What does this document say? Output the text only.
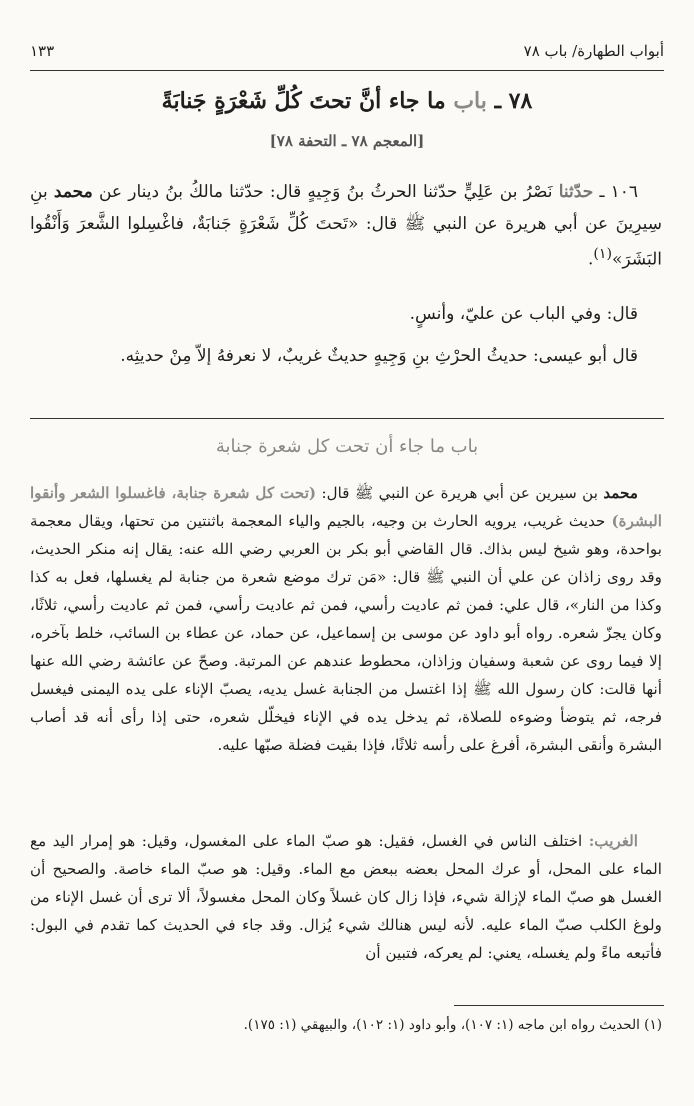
أبواب الطهارة/ باب ٧٨
١٣٣
٧٨ ـ باب ما جاء أنَّ تحتَ كُلِّ شَعْرَةٍ جَنابَةً
[المعجم ٧٨ ـ التحفة ٧٨]
١٠٦ ـ حدّثنا نَصْرُ بن عَلِيٍّ حدّثنا الحرثُ بنُ وَجِيهٍ قال: حدّثنا مالكُ بنُ دينار عن محمد بنِ سِيرِينَ عن أبي هريرة عن النبي ﷺ قال: «تَحتَ كُلِّ شَعْرَةٍ جَنابَةٌ، فاغْسِلوا الشَّعرَ وَأَنْقُوا البَشَرَ»$^{(١)}$.
قال: وفي الباب عن عليّ، وأنسٍ.
قال أبو عيسى: حديثُ الحرْثِ بنِ وَجِيهٍ حديثٌ غريبٌ، لا نعرفهُ إلاّ مِنْ حديثِه.
باب ما جاء أن تحت كل شعرة جنابة
محمد بن سيرين عن أبي هريرة عن النبي ﷺ قال: (تحت كل شعرة جنابة، فاغسلوا الشعر وأنقوا البشرة) حديث غريب، يرويه الحارث بن وجيه، بالجيم والياء المعجمة باثنتين من تحتها، ويقال معجمة بواحدة، وهو شيخ ليس بذاك. قال القاضي أبو بكر بن العربي رضي الله عنه: يقال إنه منكر الحديث، وقد روى زاذان عن علي أن النبي ﷺ قال: «مَن ترك موضع شعرة من جنابة لم يغسلها، فعل به كذا وكذا من النار»، قال علي: فمن ثم عاديت رأسي، فمن ثم عاديت رأسي، فمن ثم عاديت رأسي، ثلاثًا، وكان يجزّ شعره. رواه أبو داود عن موسى بن إسماعيل، عن حماد، عن عطاء بن السائب، خلط بآخره، إلا فيما روى عن شعبة وسفيان وزاذان، محطوط عندهم عن المرتبة. وصحّ عن عائشة رضي الله عنها أنها قالت: كان رسول الله ﷺ إذا اغتسل من الجنابة غسل يديه، يصبّ الإناء على يده اليمنى فيغسل فرجه، ثم يتوضأ وضوءه للصلاة، ثم يدخل يده في الإناء فيخلّل شعره، حتى إذا رأى أنه قد أصاب البشرة وأنقى البشرة، أفرغ على رأسه ثلاثًا، فإذا بقيت فضلة صبّها عليه.
الغريب: اختلف الناس في الغسل، فقيل: هو صبّ الماء على المغسول، وقيل: هو إمرار اليد مع الماء على المحل، أو عرك المحل بعضه ببعض مع الماء. وقيل: هو صبّ الماء خاصة. والصحيح أن الغسل هو صبّ الماء لإزالة شيء، فإذا زال كان غسلاً وكان المحل مغسولاً، ألا ترى أن غسل الإناء من ولوغ الكلب صبّ الماء عليه. لأنه ليس هنالك شيء يُزال. وقد جاء في الحديث كما تقدم في البول: فأتبعه ماءً ولم يغسله، يعني: لم يعركه، فتبين أن
(١) الحديث رواه ابن ماجه (١: ١٠٧)، وأبو داود (١: ١٠٢)، والبيهقي (١: ١٧٥).
